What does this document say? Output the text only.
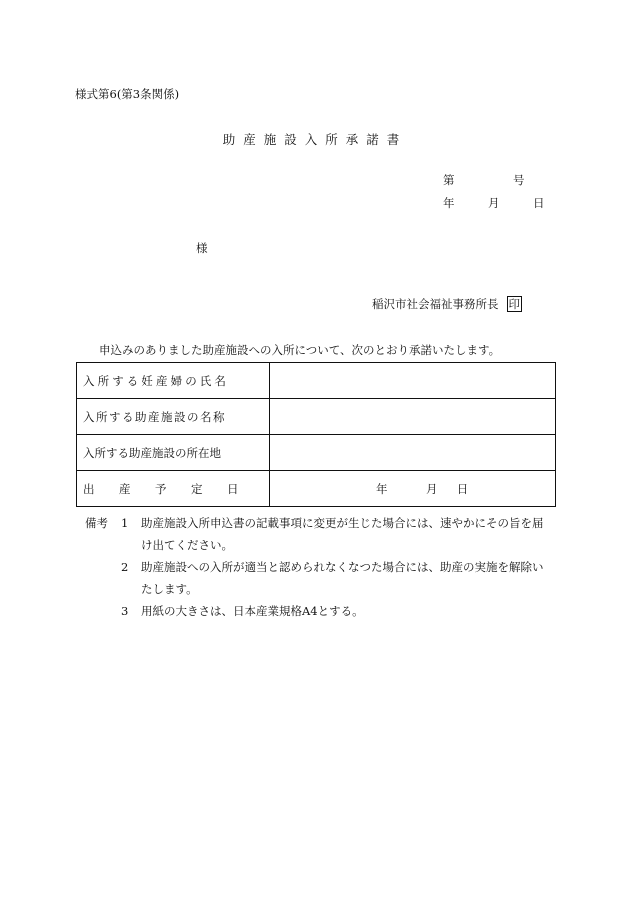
様式第6(第3条関係)
助産施設入所承諾書
第	号
年	月	日
様
稲沢市社会福祉事務所長 印
申込みのありました助産施設への入所について、次のとおり承諾いたします。
入所する妊産婦の氏名	
入所する助産施設の名称	
入所する助産施設の所在地	
出産予定日	年 月 日
備考	1	助産施設入所申込書の記載事項に変更が生じた場合には、速やかにその旨を届け出てください。
2	助産施設への入所が適当と認められなくなつた場合には、助産の実施を解除いたします。
3	用紙の大きさは、日本産業規格A4とする。
